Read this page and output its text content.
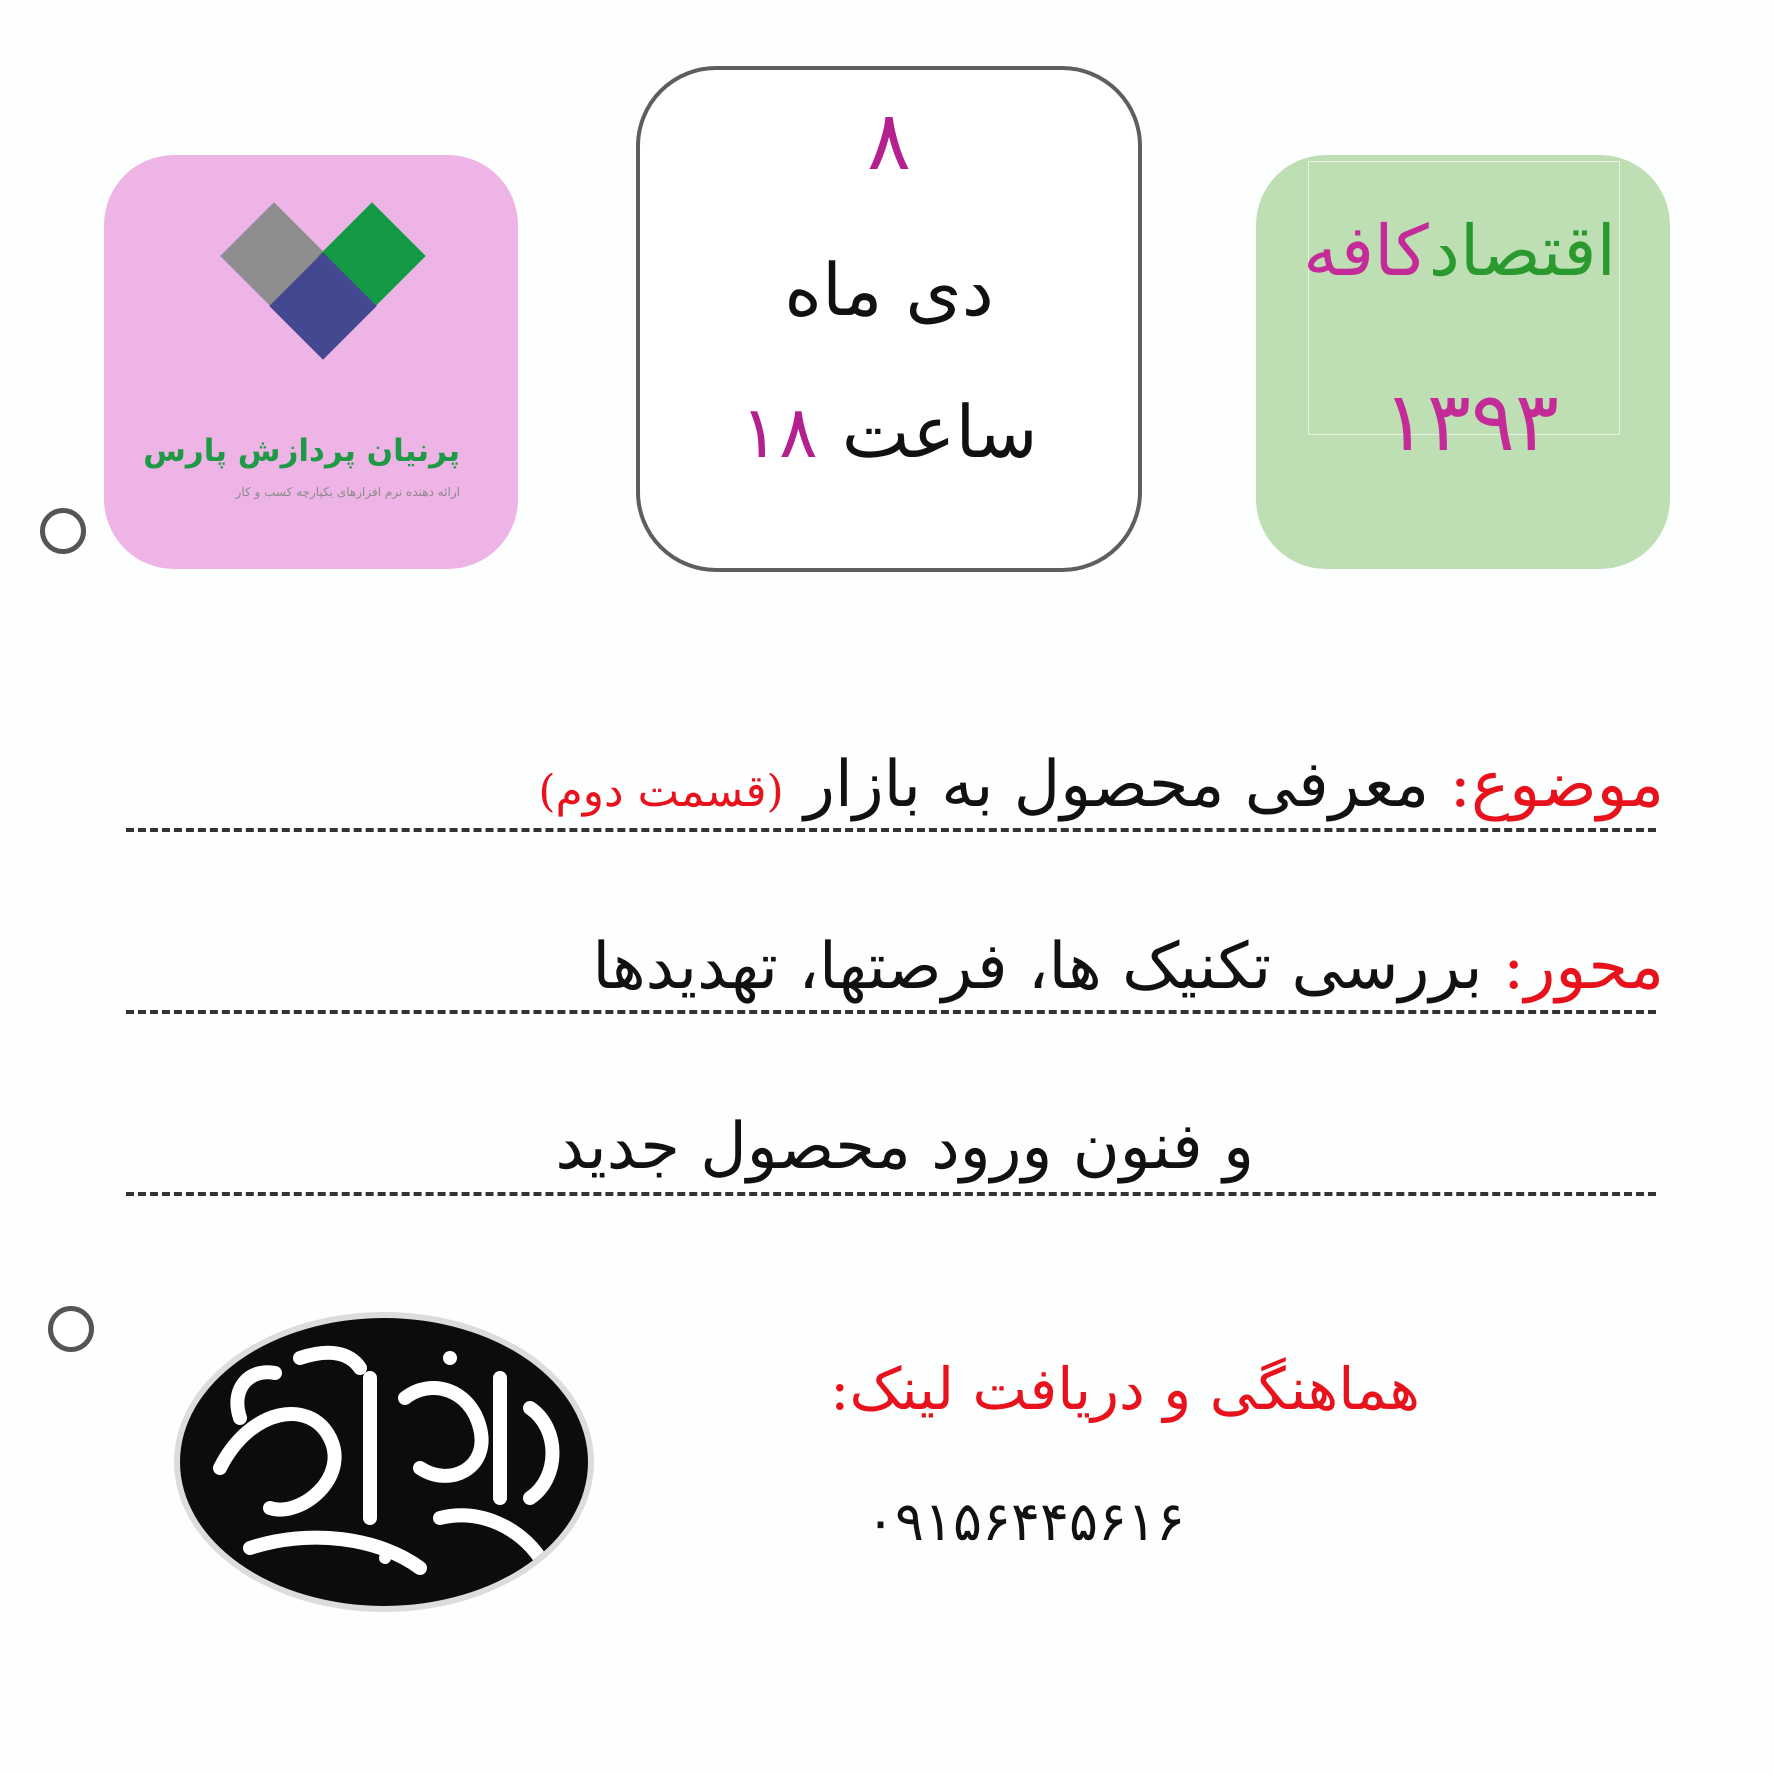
پرنیان پردازش پارس
ارائه دهنده نرم افزارهای یکپارچه کسب و کار
۸
دی ماه
ساعت۱۸
اقتصادکافه
۱۳۹۳
موضوع: معرفی محصول به بازار (قسمت دوم)
محور: بررسی تکنیک ها، فرصتها، تهدیدها
و فنون ورود محصول جدید
هماهنگی و دریافت لینک:
۰۹۱۵۶۴۴۵۶۱۶
